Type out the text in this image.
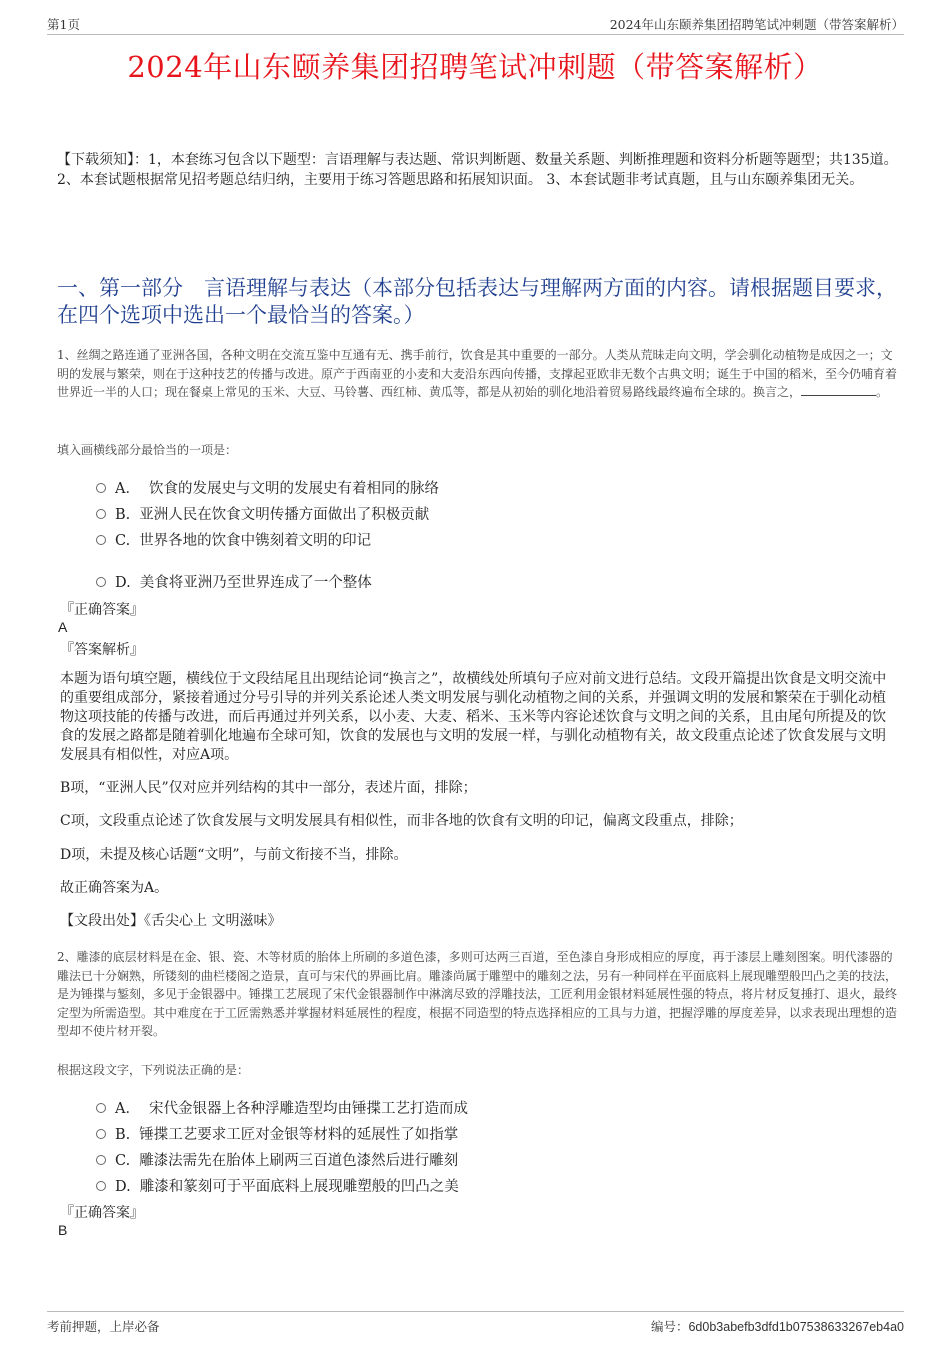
第1页	2024年山东颐养集团招聘笔试冲刺题（带答案解析）
2024年山东颐养集团招聘笔试冲刺题（带答案解析）
【下载须知】：1，本套练习包含以下题型：言语理解与表达题、常识判断题、数量关系题、判断推理题和资料分析题等题型；共135道。 2、本套试题根据常见招考题总结归纳，主要用于练习答题思路和拓展知识面。 3、本套试题非考试真题，且与山东颐养集团无关。
一、第一部分　言语理解与表达（本部分包括表达与理解两方面的内容。请根据题目要求，在四个选项中选出一个最恰当的答案。）
1、丝绸之路连通了亚洲各国，各种文明在交流互鉴中互通有无、携手前行，饮食是其中重要的一部分。人类从荒昧走向文明，学会驯化动植物是成因之一；文明的发展与繁荣，则在于这种技艺的传播与改进。原产于西南亚的小麦和大麦沿东西向传播，支撑起亚欧非无数个古典文明；诞生于中国的稻米，至今仍哺育着世界近一半的人口；现在餐桌上常见的玉米、大豆、马铃薯、西红柿、黄瓜等，都是从初始的驯化地沿着贸易路线最终遍布全球的。换言之，	。
填入画横线部分最恰当的一项是：
A． 饮食的发展史与文明的发展史有着相同的脉络
B. 亚洲人民在饮食文明传播方面做出了积极贡献
C. 世界各地的饮食中镌刻着文明的印记
D. 美食将亚洲乃至世界连成了一个整体
『正确答案』
A
『答案解析』
本题为语句填空题，横线位于文段结尾且出现结论词“换言之”，故横线处所填句子应对前文进行总结。文段开篇提出饮食是文明交流中的重要组成部分，紧接着通过分号引导的并列关系论述人类文明发展与驯化动植物之间的关系，并强调文明的发展和繁荣在于驯化动植物这项技能的传播与改进，而后再通过并列关系，以小麦、大麦、稻米、玉米等内容论述饮食与文明之间的关系，且由尾句所提及的饮食的发展之路都是随着驯化地遍布全球可知，饮食的发展也与文明的发展一样，与驯化动植物有关，故文段重点论述了饮食发展与文明发展具有相似性，对应A项。
B项，“亚洲人民”仅对应并列结构的其中一部分，表述片面，排除；
C项，文段重点论述了饮食发展与文明发展具有相似性，而非各地的饮食有文明的印记，偏离文段重点，排除；
D项，未提及核心话题“文明”，与前文衔接不当，排除。
故正确答案为A。
【文段出处】《舌尖心上 文明滋味》
2、雕漆的底层材料是在金、银、瓷、木等材质的胎体上所刷的多道色漆，多则可达两三百道，至色漆自身形成相应的厚度，再于漆层上雕刻图案。明代漆器的雕法已十分娴熟，所镂刻的曲栏楼阁之造景，直可与宋代的界画比肩。雕漆尚属于雕塑中的雕刻之法，另有一种同样在平面底料上展现雕塑般凹凸之美的技法，是为锤揲与錾刻，多见于金银器中。锤揲工艺展现了宋代金银器制作中淋漓尽致的浮雕技法，工匠利用金银材料延展性强的特点，将片材反复捶打、退火，最终定型为所需造型。其中难度在于工匠需熟悉并掌握材料延展性的程度，根据不同造型的特点选择相应的工具与力道，把握浮雕的厚度差异，以求表现出理想的造型却不使片材开裂。
根据这段文字，下列说法正确的是：
A． 宋代金银器上各种浮雕造型均由锤揲工艺打造而成
B. 锤揲工艺要求工匠对金银等材料的延展性了如指掌
C. 雕漆法需先在胎体上刷两三百道色漆然后进行雕刻
D. 雕漆和篆刻可于平面底料上展现雕塑般的凹凸之美
『正确答案』
B
考前押题，上岸必备	编号：6d0b3abefb3dfd1b07538633267eb4a0
